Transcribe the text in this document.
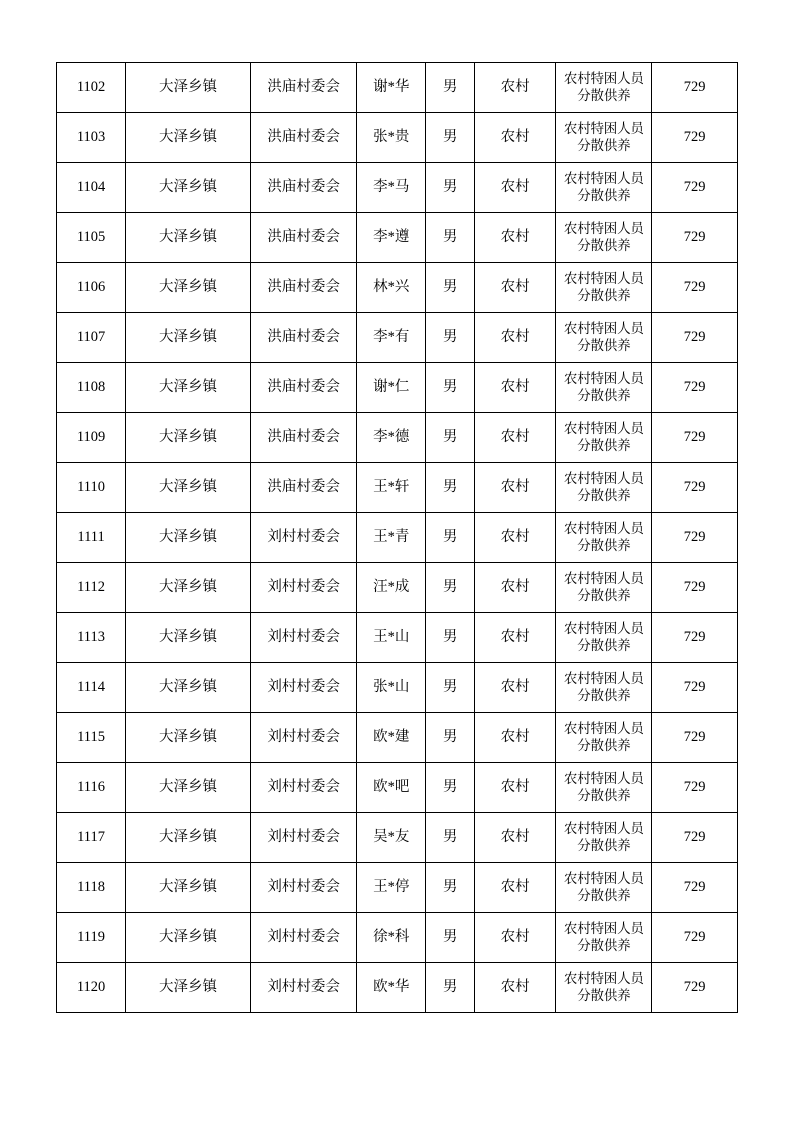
1102	大泽乡镇	洪庙村委会	谢*华	男	农村	农村特困人员分散供养	729
1103	大泽乡镇	洪庙村委会	张*贵	男	农村	农村特困人员分散供养	729
1104	大泽乡镇	洪庙村委会	李*马	男	农村	农村特困人员分散供养	729
1105	大泽乡镇	洪庙村委会	李*遵	男	农村	农村特困人员分散供养	729
1106	大泽乡镇	洪庙村委会	林*兴	男	农村	农村特困人员分散供养	729
1107	大泽乡镇	洪庙村委会	李*有	男	农村	农村特困人员分散供养	729
1108	大泽乡镇	洪庙村委会	谢*仁	男	农村	农村特困人员分散供养	729
1109	大泽乡镇	洪庙村委会	李*德	男	农村	农村特困人员分散供养	729
1110	大泽乡镇	洪庙村委会	王*轩	男	农村	农村特困人员分散供养	729
1111	大泽乡镇	刘村村委会	王*青	男	农村	农村特困人员分散供养	729
1112	大泽乡镇	刘村村委会	汪*成	男	农村	农村特困人员分散供养	729
1113	大泽乡镇	刘村村委会	王*山	男	农村	农村特困人员分散供养	729
1114	大泽乡镇	刘村村委会	张*山	男	农村	农村特困人员分散供养	729
1115	大泽乡镇	刘村村委会	欧*建	男	农村	农村特困人员分散供养	729
1116	大泽乡镇	刘村村委会	欧*吧	男	农村	农村特困人员分散供养	729
1117	大泽乡镇	刘村村委会	吴*友	男	农村	农村特困人员分散供养	729
1118	大泽乡镇	刘村村委会	王*停	男	农村	农村特困人员分散供养	729
1119	大泽乡镇	刘村村委会	徐*科	男	农村	农村特困人员分散供养	729
1120	大泽乡镇	刘村村委会	欧*华	男	农村	农村特困人员分散供养	729
